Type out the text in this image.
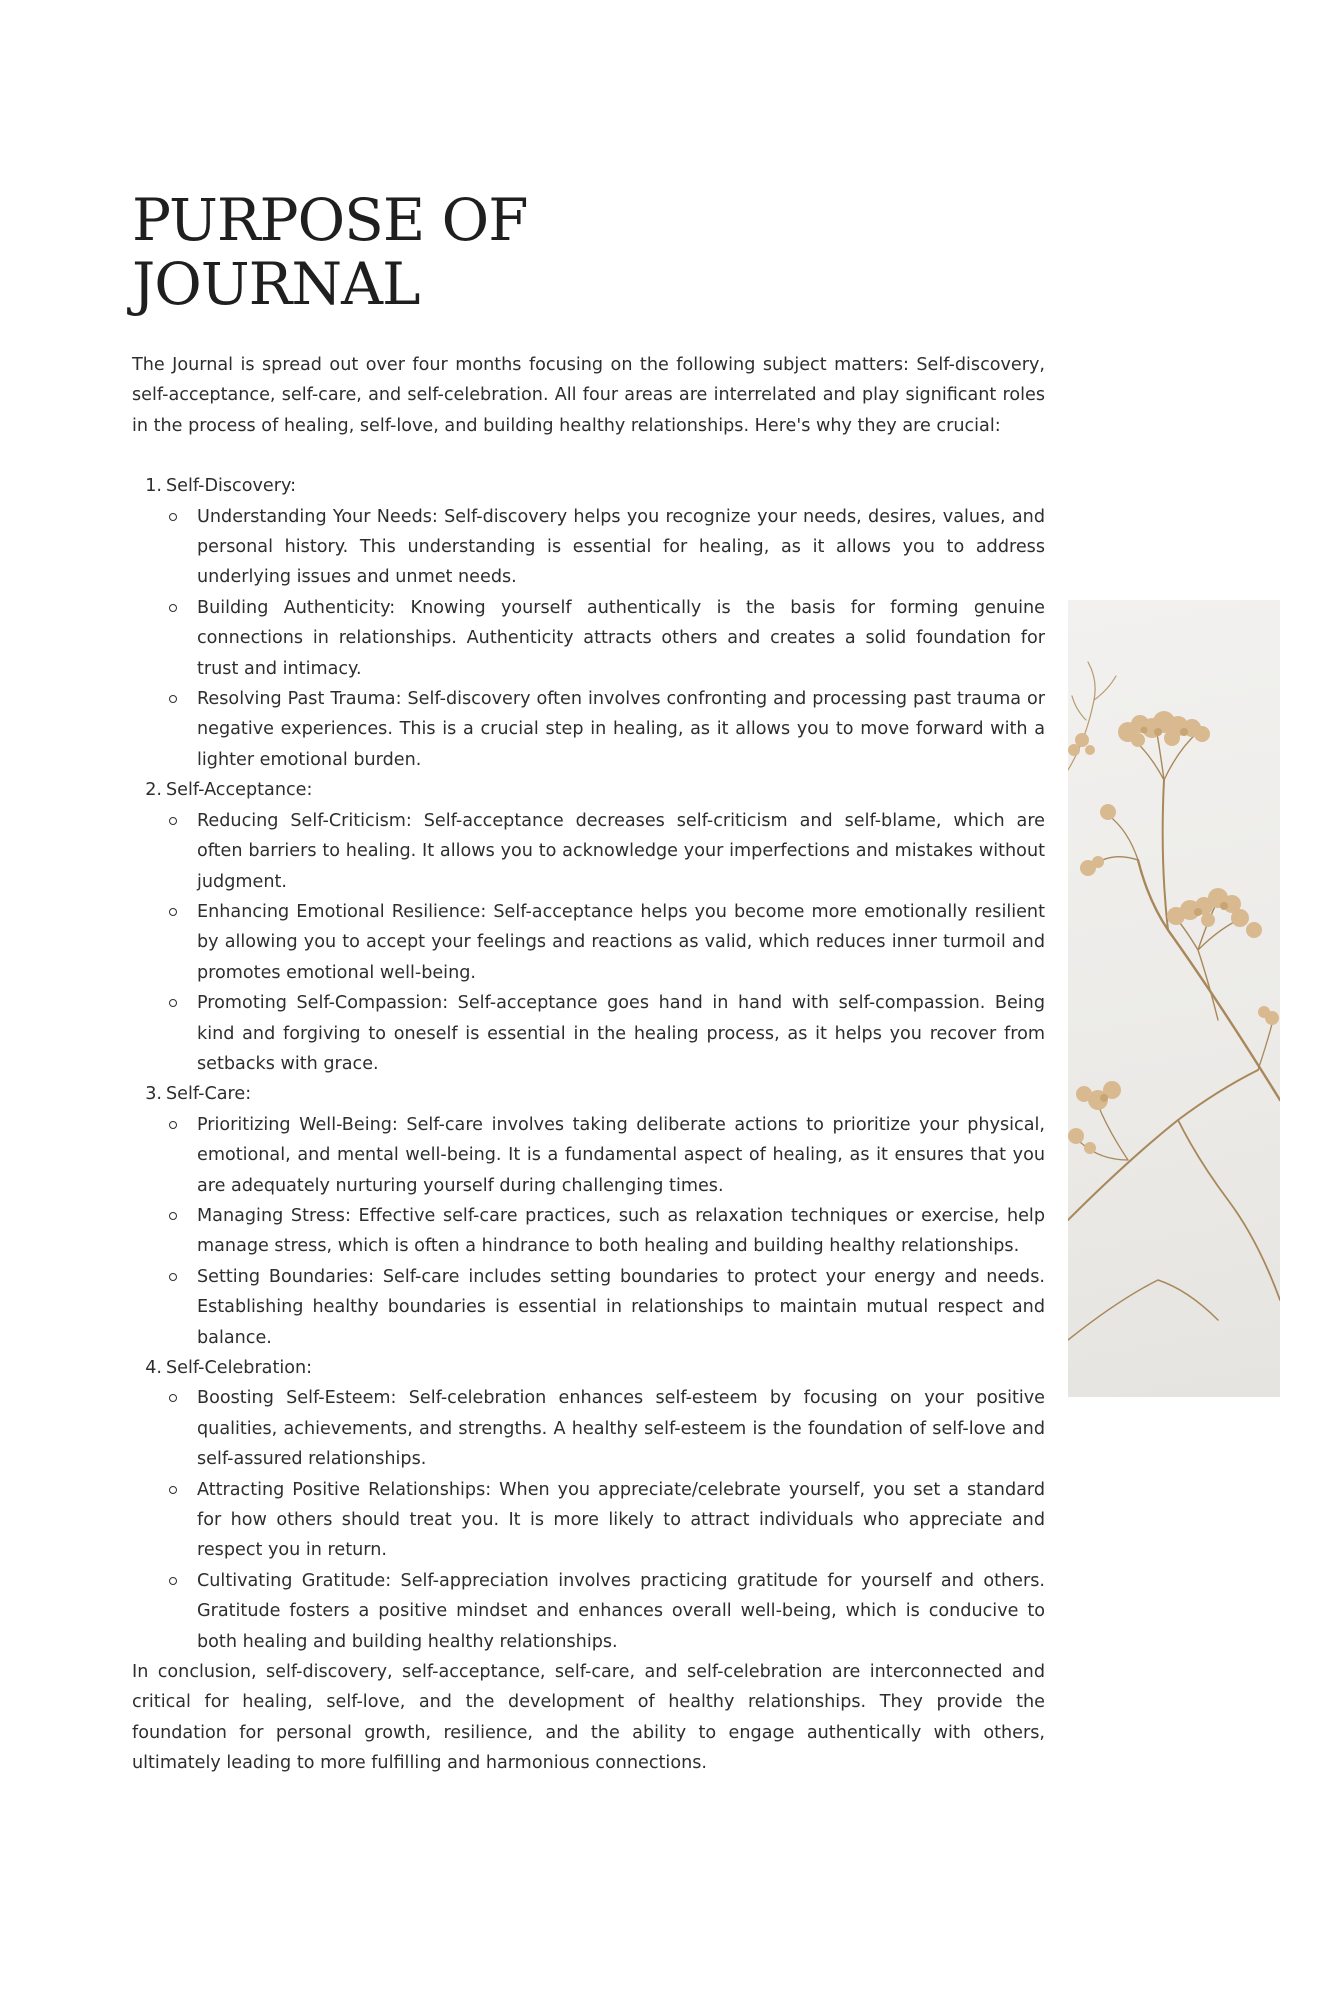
PURPOSE OF
JOURNAL

The Journal is spread out over four months focusing on the following subject matters: Self-discovery, self-acceptance, self-care, and self-celebration. All four areas are interrelated and play significant roles in the process of healing, self-love, and building healthy relationships. Here's why they are crucial:

1. Self-Discovery:
Understanding Your Needs: Self-discovery helps you recognize your needs, desires, values, and personal history. This understanding is essential for healing, as it allows you to address underlying issues and unmet needs.
Building Authenticity: Knowing yourself authentically is the basis for forming genuine connections in relationships. Authenticity attracts others and creates a solid foundation for trust and intimacy.
Resolving Past Trauma: Self-discovery often involves confronting and processing past trauma or negative experiences. This is a crucial step in healing, as it allows you to move forward with a lighter emotional burden.
2. Self-Acceptance:
Reducing Self-Criticism: Self-acceptance decreases self-criticism and self-blame, which are often barriers to healing. It allows you to acknowledge your imperfections and mistakes without judgment.
Enhancing Emotional Resilience: Self-acceptance helps you become more emotionally resilient by allowing you to accept your feelings and reactions as valid, which reduces inner turmoil and promotes emotional well-being.
Promoting Self-Compassion: Self-acceptance goes hand in hand with self-compassion. Being kind and forgiving to oneself is essential in the healing process, as it helps you recover from setbacks with grace.
3. Self-Care:
Prioritizing Well-Being: Self-care involves taking deliberate actions to prioritize your physical, emotional, and mental well-being. It is a fundamental aspect of healing, as it ensures that you are adequately nurturing yourself during challenging times.
Managing Stress: Effective self-care practices, such as relaxation techniques or exercise, help manage stress, which is often a hindrance to both healing and building healthy relationships.
Setting Boundaries: Self-care includes setting boundaries to protect your energy and needs. Establishing healthy boundaries is essential in relationships to maintain mutual respect and balance.
4. Self-Celebration:
Boosting Self-Esteem: Self-celebration enhances self-esteem by focusing on your positive qualities, achievements, and strengths. A healthy self-esteem is the foundation of self-love and self-assured relationships.
Attracting Positive Relationships: When you appreciate/celebrate yourself, you set a standard for how others should treat you. It is more likely to attract individuals who appreciate and respect you in return.
Cultivating Gratitude: Self-appreciation involves practicing gratitude for yourself and others. Gratitude fosters a positive mindset and enhances overall well-being, which is conducive to both healing and building healthy relationships.

In conclusion, self-discovery, self-acceptance, self-care, and self-celebration are interconnected and critical for healing, self-love, and the development of healthy relationships. They provide the foundation for personal growth, resilience, and the ability to engage authentically with others, ultimately leading to more fulfilling and harmonious connections.
